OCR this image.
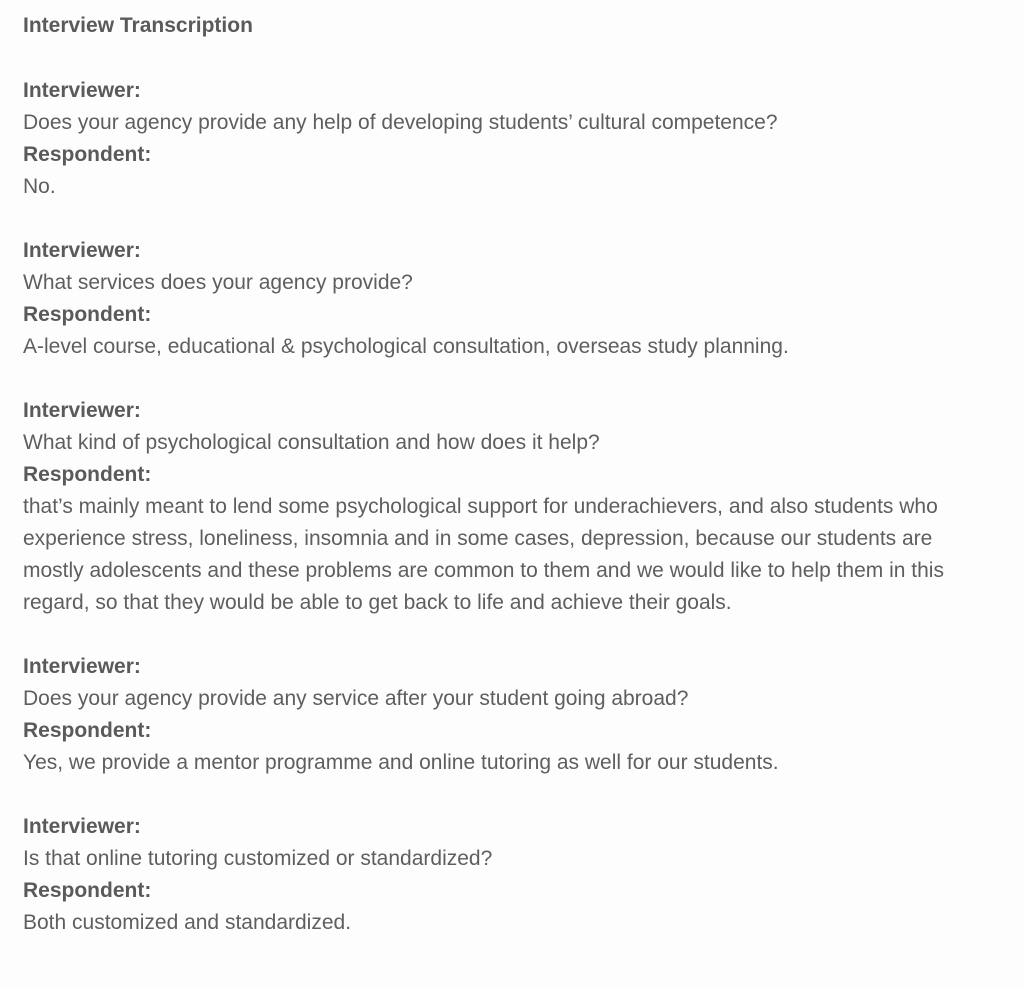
Interview Transcription

Interviewer:

Does your agency provide any help of developing students’ cultural competence?

Respondent:

No.

Interviewer:

What services does your agency provide?

Respondent:

A-level course, educational & psychological consultation, overseas study planning.

Interviewer:

What kind of psychological consultation and how does it help?

Respondent:

that’s mainly meant to lend some psychological support for underachievers, and also students who experience stress, loneliness, insomnia and in some cases, depression, because our students are mostly adolescents and these problems are common to them and we would like to help them in this regard, so that they would be able to get back to life and achieve their goals.

Interviewer:

Does your agency provide any service after your student going abroad?

Respondent:

Yes, we provide a mentor programme and online tutoring as well for our students.

Interviewer:

Is that online tutoring customized or standardized?

Respondent:

Both customized and standardized.
